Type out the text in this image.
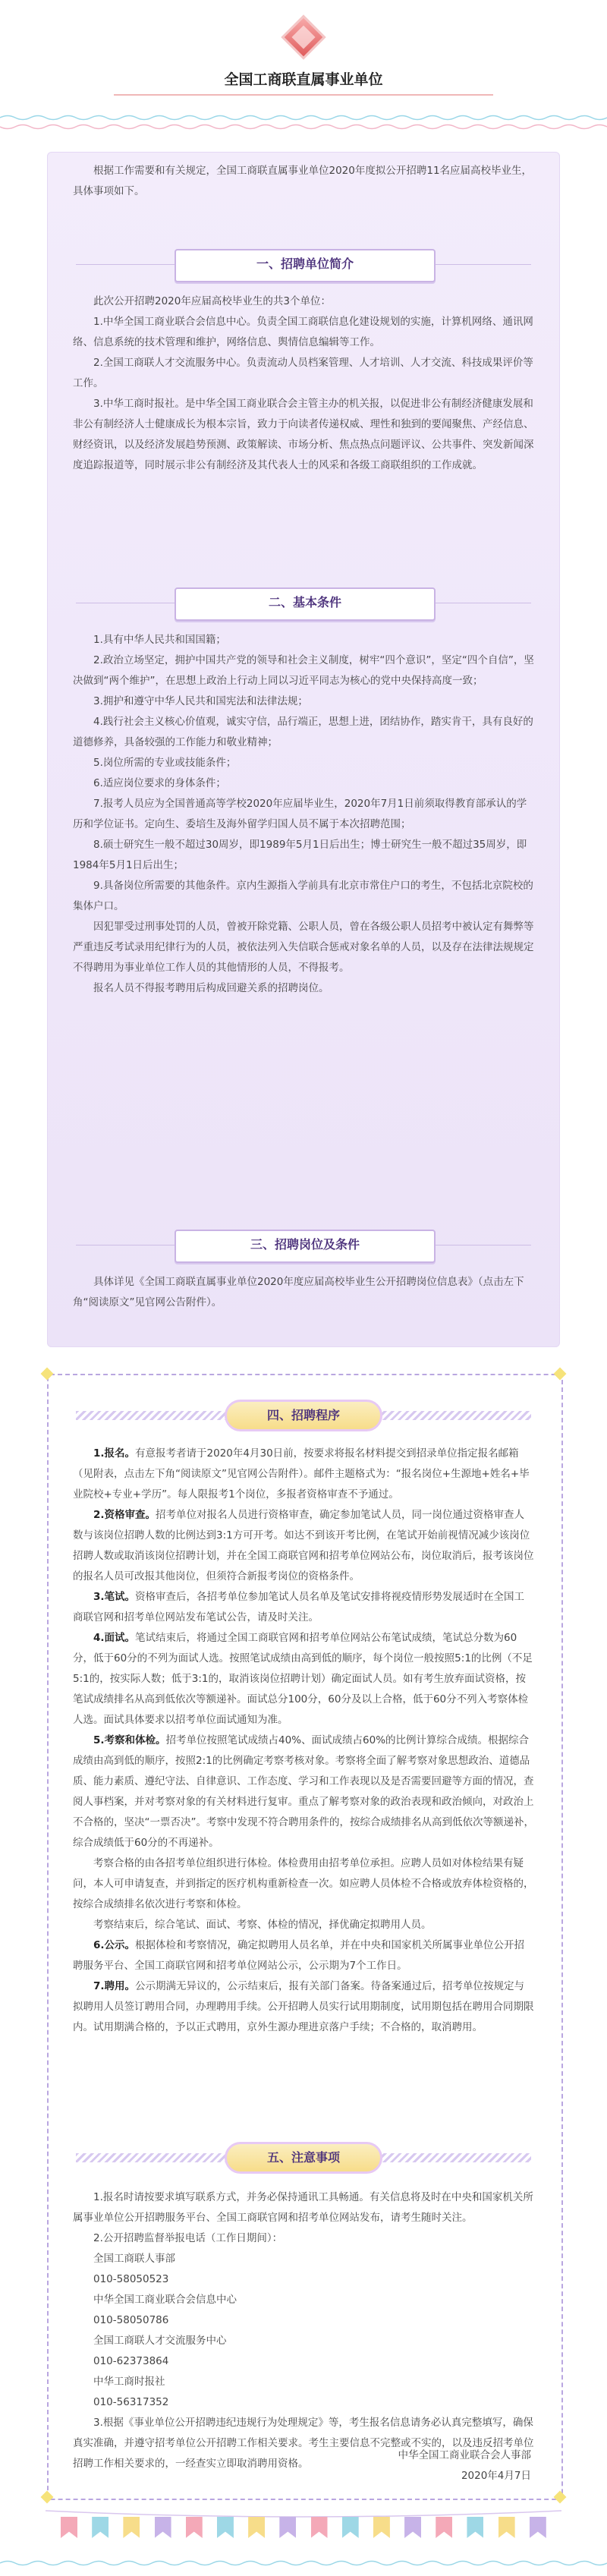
全国工商联直属事业单位
根据工作需要和有关规定，全国工商联直属事业单位2020年度拟公开招聘11名应届高校毕业生，具体事项如下。
一、招聘单位简介

此次公开招聘2020年应届高校毕业生的共3个单位：

1.中华全国工商业联合会信息中心。负责全国工商联信息化建设规划的实施，计算机网络、通讯网络、信息系统的技术管理和维护，网络信息、舆情信息编辑等工作。

2.全国工商联人才交流服务中心。负责流动人员档案管理、人才培训、人才交流、科技成果评价等工作。

3.中华工商时报社。是中华全国工商业联合会主管主办的机关报，以促进非公有制经济健康发展和非公有制经济人士健康成长为根本宗旨，致力于向读者传递权威、理性和独到的要闻聚焦、产经信息、财经资讯，以及经济发展趋势预测、政策解读、市场分析、焦点热点问题评议、公共事件、突发新闻深度追踪报道等，同时展示非公有制经济及其代表人士的风采和各级工商联组织的工作成就。

二、基本条件

1.具有中华人民共和国国籍；

2.政治立场坚定，拥护中国共产党的领导和社会主义制度，树牢“四个意识”，坚定“四个自信”，坚决做到“两个维护”，在思想上政治上行动上同以习近平同志为核心的党中央保持高度一致；

3.拥护和遵守中华人民共和国宪法和法律法规；

4.践行社会主义核心价值观，诚实守信，品行端正，思想上进，团结协作，踏实肯干，具有良好的道德修养，具备较强的工作能力和敬业精神；

5.岗位所需的专业或技能条件；

6.适应岗位要求的身体条件；

7.报考人员应为全国普通高等学校2020年应届毕业生，2020年7月1日前须取得教育部承认的学历和学位证书。定向生、委培生及海外留学归国人员不属于本次招聘范围；

8.硕士研究生一般不超过30周岁，即1989年5月1日后出生；博士研究生一般不超过35周岁，即1984年5月1日后出生；

9.具备岗位所需要的其他条件。京内生源指入学前具有北京市常住户口的考生，不包括北京院校的集体户口。

因犯罪受过刑事处罚的人员，曾被开除党籍、公职人员，曾在各级公职人员招考中被认定有舞弊等严重违反考试录用纪律行为的人员，被依法列入失信联合惩戒对象名单的人员，以及存在法律法规规定不得聘用为事业单位工作人员的其他情形的人员，不得报考。

报名人员不得报考聘用后构成回避关系的招聘岗位。

三、招聘岗位及条件

具体详见《全国工商联直属事业单位2020年度应届高校毕业生公开招聘岗位信息表》（点击左下角“阅读原文”见官网公告附件）。

四、招聘程序

1.报名。有意报考者请于2020年4月30日前，按要求将报名材料提交到招录单位指定报名邮箱（见附表，点击左下角“阅读原文”见官网公告附件）。邮件主题格式为：“报名岗位+生源地+姓名+毕业院校+专业+学历”。每人限报考1个岗位，多报者资格审查不予通过。

2.资格审查。招考单位对报名人员进行资格审查，确定参加笔试人员，同一岗位通过资格审查人数与该岗位招聘人数的比例达到3:1方可开考。如达不到该开考比例，在笔试开始前视情况减少该岗位招聘人数或取消该岗位招聘计划，并在全国工商联官网和招考单位网站公布，岗位取消后，报考该岗位的报名人员可改报其他岗位，但须符合新报考岗位的资格条件。

3.笔试。资格审查后，各招考单位参加笔试人员名单及笔试安排将视疫情形势发展适时在全国工商联官网和招考单位网站发布笔试公告，请及时关注。

4.面试。笔试结束后，将通过全国工商联官网和招考单位网站公布笔试成绩，笔试总分数为60分，低于60分的不列为面试人选。按照笔试成绩由高到低的顺序，每个岗位一般按照5:1的比例（不足5:1的，按实际人数；低于3:1的，取消该岗位招聘计划）确定面试人员。如有考生放弃面试资格，按笔试成绩排名从高到低依次等额递补。面试总分100分，60分及以上合格，低于60分不列入考察体检人选。面试具体要求以招考单位面试通知为准。

5.考察和体检。招考单位按照笔试成绩占40%、面试成绩占60%的比例计算综合成绩。根据综合成绩由高到低的顺序，按照2:1的比例确定考察考核对象。考察将全面了解考察对象思想政治、道德品质、能力素质、遵纪守法、自律意识、工作态度、学习和工作表现以及是否需要回避等方面的情况，查阅人事档案，并对考察对象的有关材料进行复审。重点了解考察对象的政治表现和政治倾向，对政治上不合格的，坚决“一票否决”。考察中发现不符合聘用条件的，按综合成绩排名从高到低依次等额递补，综合成绩低于60分的不再递补。

考察合格的由各招考单位组织进行体检。体检费用由招考单位承担。应聘人员如对体检结果有疑问，本人可申请复查，并到指定的医疗机构重新检查一次。如应聘人员体检不合格或放弃体检资格的，按综合成绩排名依次进行考察和体检。

考察结束后，综合笔试、面试、考察、体检的情况，择优确定拟聘用人员。

6.公示。根据体检和考察情况，确定拟聘用人员名单，并在中央和国家机关所属事业单位公开招聘服务平台、全国工商联官网和招考单位网站公示，公示期为7个工作日。

7.聘用。公示期满无异议的，公示结束后，报有关部门备案。待备案通过后，招考单位按规定与拟聘用人员签订聘用合同，办理聘用手续。公开招聘人员实行试用期制度，试用期包括在聘用合同期限内。试用期满合格的，予以正式聘用，京外生源办理进京落户手续；不合格的，取消聘用。

五、注意事项

1.报名时请按要求填写联系方式，并务必保持通讯工具畅通。有关信息将及时在中央和国家机关所属事业单位公开招聘服务平台、全国工商联官网和招考单位网站发布，请考生随时关注。

2.公开招聘监督举报电话（工作日期间）：

全国工商联人事部

010-58050523

中华全国工商业联合会信息中心

010-58050786

全国工商联人才交流服务中心

010-62373864

中华工商时报社

010-56317352

3.根据《事业单位公开招聘违纪违规行为处理规定》等，考生报名信息请务必认真完整填写，确保真实准确，并遵守招考单位公开招聘工作相关要求。考生主要信息不完整或不实的，以及违反招考单位招聘工作相关要求的，一经查实立即取消聘用资格。

中华全国工商业联合会人事部
2020年4月7日
